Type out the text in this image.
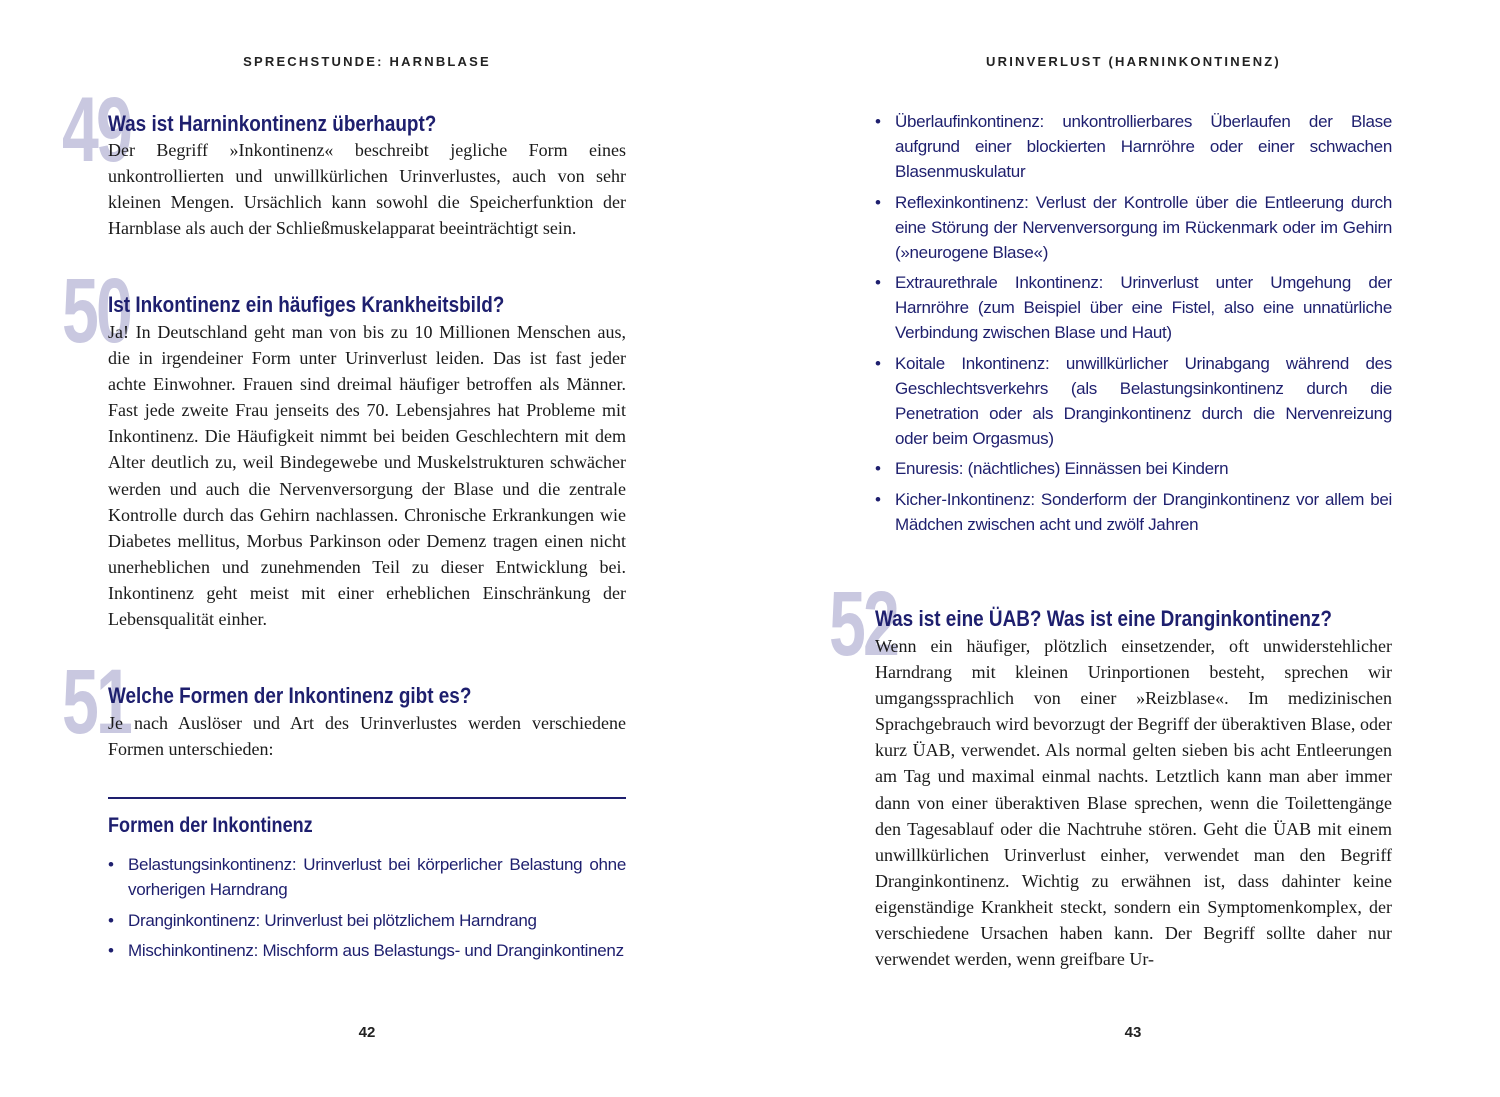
SPRECHSTUNDE: HARNBLASE
49
Was ist Harninkontinenz überhaupt?
Der Begriff »Inkontinenz« beschreibt jegliche Form eines unkontrollierten und unwillkürlichen Urinverlustes, auch von sehr kleinen Mengen. Ursächlich kann sowohl die Speicherfunktion der Harnblase als auch der Schließmuskelapparat beeinträchtigt sein.
50
Ist Inkontinenz ein häufiges Krankheitsbild?
Ja! In Deutschland geht man von bis zu 10 Millionen Menschen aus, die in irgendeiner Form unter Urinverlust leiden. Das ist fast jeder achte Einwohner. Frauen sind dreimal häufiger betroffen als Männer. Fast jede zweite Frau jenseits des 70. Lebensjahres hat Probleme mit Inkontinenz. Die Häufigkeit nimmt bei beiden Geschlechtern mit dem Alter deutlich zu, weil Bindegewebe und Muskelstrukturen schwächer werden und auch die Nervenversorgung der Blase und die zentrale Kontrolle durch das Gehirn nachlassen. Chronische Erkrankungen wie Diabetes mellitus, Morbus Parkinson oder Demenz tragen einen nicht unerheblichen und zunehmenden Teil zu dieser Entwicklung bei. Inkontinenz geht meist mit einer erheblichen Einschränkung der Lebensqualität einher.
51
Welche Formen der Inkontinenz gibt es?
Je nach Auslöser und Art des Urinverlustes werden verschiedene Formen unterschieden:
Formen der Inkontinenz
• Belastungsinkontinenz: Urinverlust bei körperlicher Belastung ohne vorherigen Harndrang
• Dranginkontinenz: Urinverlust bei plötzlichem Harndrang
• Mischinkontinenz: Mischform aus Belastungs- und Dranginkontinenz
42
URINVERLUST (HARNINKONTINENZ)
43
• Überlaufinkontinenz: unkontrollierbares Überlaufen der Blase aufgrund einer blockierten Harnröhre oder einer schwachen Blasenmuskulatur
• Reflexinkontinenz: Verlust der Kontrolle über die Entleerung durch eine Störung der Nervenversorgung im Rückenmark oder im Gehirn (»neurogene Blase«)
• Extraurethrale Inkontinenz: Urinverlust unter Umgehung der Harnröhre (zum Beispiel über eine Fistel, also eine unnatürliche Verbindung zwischen Blase und Haut)
• Koitale Inkontinenz: unwillkürlicher Urinabgang während des Geschlechtsverkehrs (als Belastungsinkontinenz durch die Penetration oder als Dranginkontinenz durch die Nervenreizung oder beim Orgasmus)
• Enuresis: (nächtliches) Einnässen bei Kindern
• Kicher-Inkontinenz: Sonderform der Dranginkontinenz vor allem bei Mädchen zwischen acht und zwölf Jahren
52
Was ist eine ÜAB? Was ist eine Dranginkontinenz?
Wenn ein häufiger, plötzlich einsetzender, oft unwiderstehlicher Harndrang mit kleinen Urinportionen besteht, sprechen wir umgangssprachlich von einer »Reizblase«. Im medizinischen Sprachgebrauch wird bevorzugt der Begriff der überaktiven Blase, oder kurz ÜAB, verwendet. Als normal gelten sieben bis acht Entleerungen am Tag und maximal einmal nachts. Letztlich kann man aber immer dann von einer überaktiven Blase sprechen, wenn die Toilettengänge den Tagesablauf oder die Nachtruhe stören. Geht die ÜAB mit einem unwillkürlichen Urinverlust einher, verwendet man den Begriff Dranginkontinenz. Wichtig zu erwähnen ist, dass dahinter keine eigenständige Krankheit steckt, sondern ein Symptomenkomplex, der verschiedene Ursachen haben kann. Der Begriff sollte daher nur verwendet werden, wenn greifbare Ur-
